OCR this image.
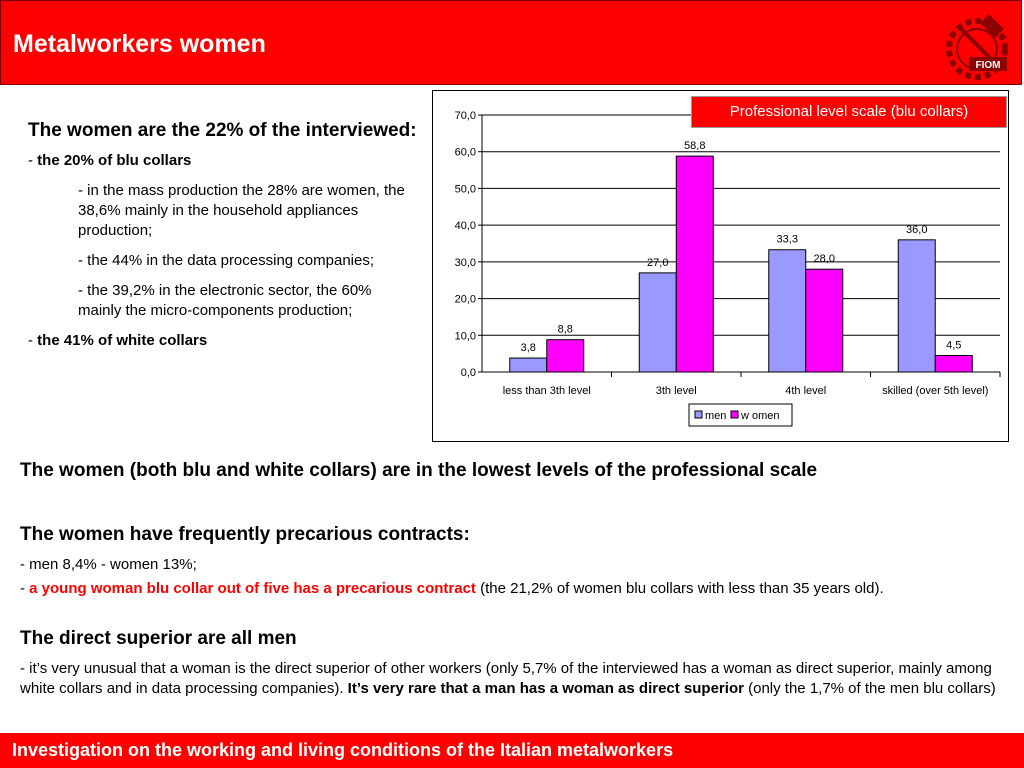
Metalworkers women
FIOM
The women are the 22% of the interviewed:
- the 20% of blu collars
- in the mass production the 28% are women, the 38,6% mainly in the household appliances production;
- the 44% in the data processing companies;
- the 39,2% in the electronic sector, the 60% mainly the micro-components production;
- the 41% of white collars
0,0
10,0
20,0
30,0
40,0
50,0
60,0
70,0
less than 3th level
3,8
8,8
3th level
27,0
58,8
4th level
33,3
28,0
skilled (over 5th level)
36,0
4,5
men w omen
Professional level scale (blu collars)
The women (both blu and white collars) are in the lowest levels of the professional scale
The women have frequently precarious contracts:

- men 8,4% - women 13%;

- a young woman blu collar out of five has a precarious contract (the 21,2% of women blu collars with less than 35 years old).

The direct superior are all men

- it’s very unusual that a woman is the direct superior of other workers (only 5,7% of the interviewed has a woman as direct superior, mainly among white collars and in data processing companies). It’s very rare that a man has a woman as direct superior (only the 1,7% of the men blu collars)

Investigation on the working and living conditions of the Italian metalworkers
